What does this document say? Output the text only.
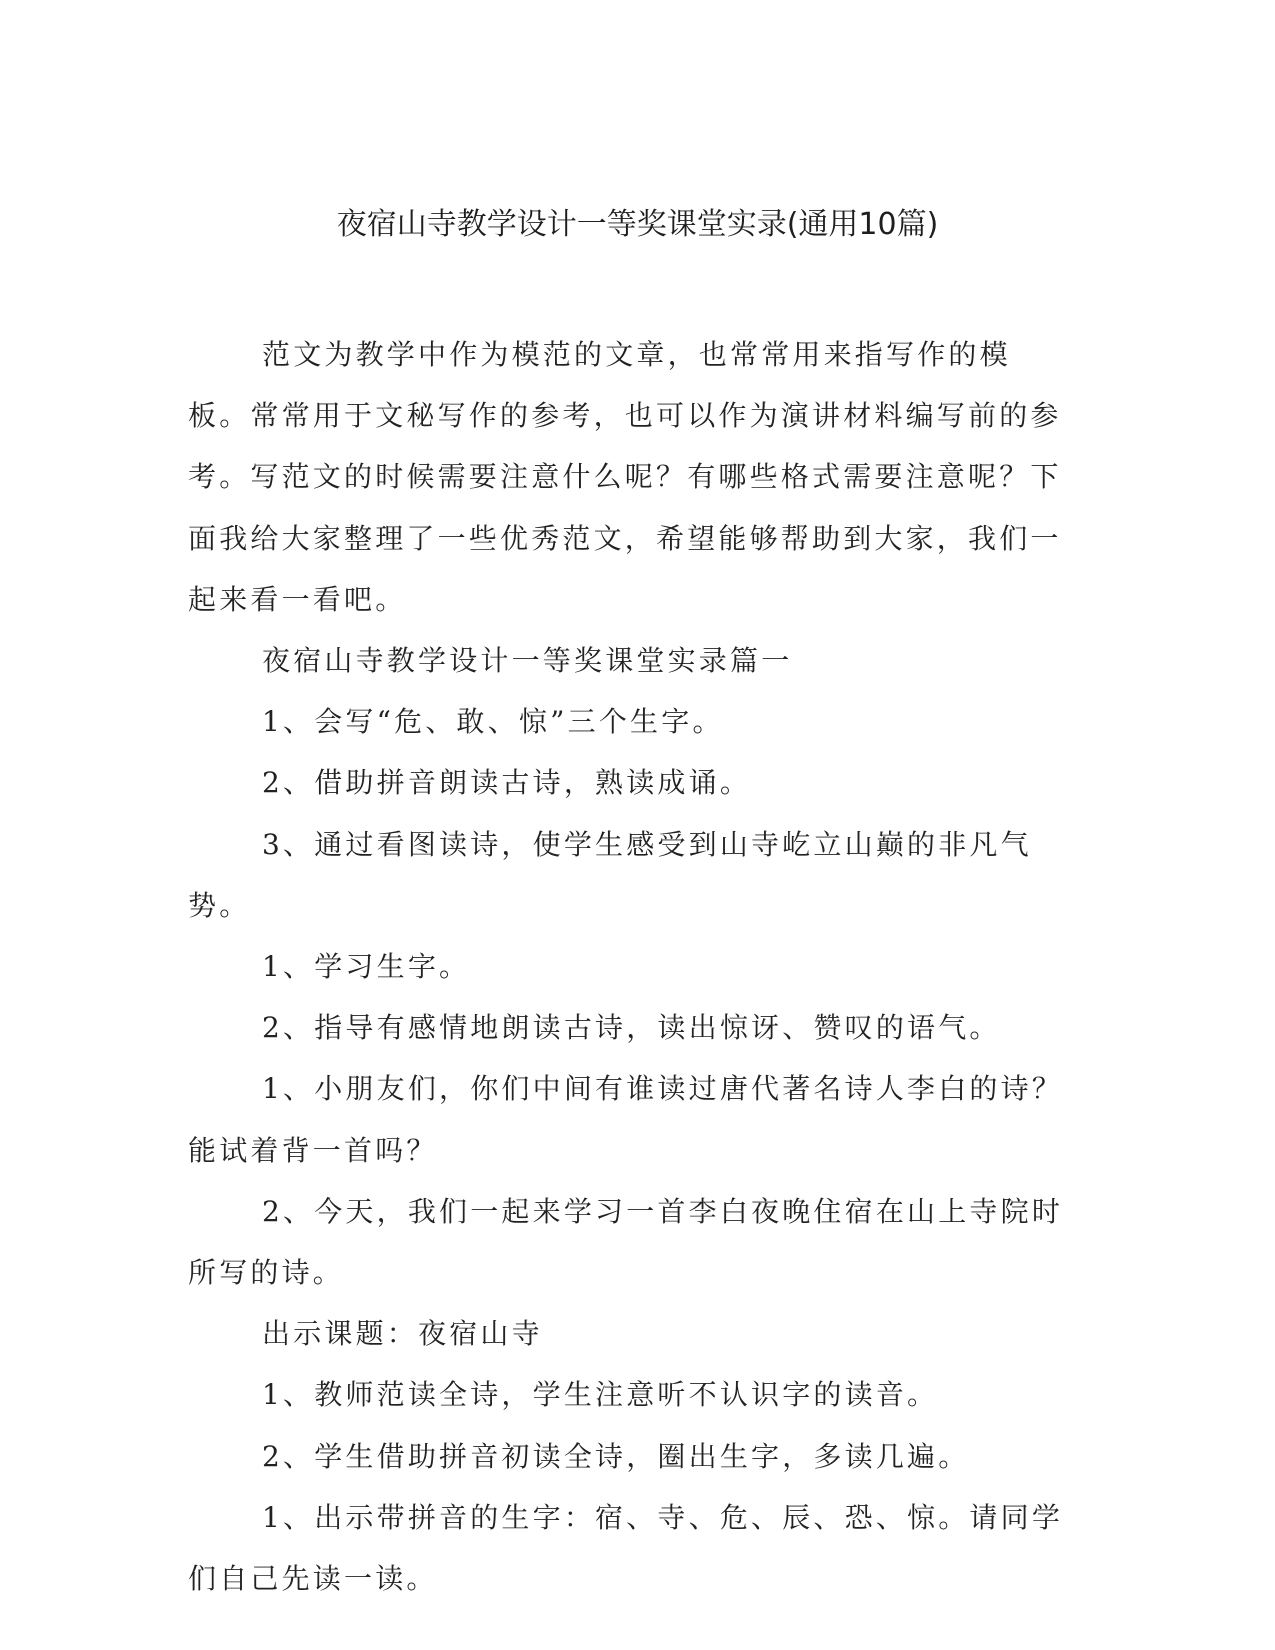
夜宿山寺教学设计一等奖课堂实录(通用10篇)

范文为教学中作为模范的文章，也常常用来指写作的模板。常常用于文秘写作的参考，也可以作为演讲材料编写前的参考。写范文的时候需要注意什么呢？有哪些格式需要注意呢？下面我给大家整理了一些优秀范文，希望能够帮助到大家，我们一起来看一看吧。

夜宿山寺教学设计一等奖课堂实录篇一

1、会写“危、敢、惊”三个生字。

2、借助拼音朗读古诗，熟读成诵。

3、通过看图读诗，使学生感受到山寺屹立山巅的非凡气势。

1、学习生字。

2、指导有感情地朗读古诗，读出惊讶、赞叹的语气。

1、小朋友们，你们中间有谁读过唐代著名诗人李白的诗？能试着背一首吗？

2、今天，我们一起来学习一首李白夜晚住宿在山上寺院时所写的诗。

出示课题：夜宿山寺

1、教师范读全诗，学生注意听不认识字的读音。

2、学生借助拼音初读全诗，圈出生字，多读几遍。

1、出示带拼音的生字：宿、寺、危、辰、恐、惊。请同学们自己先读一读。
